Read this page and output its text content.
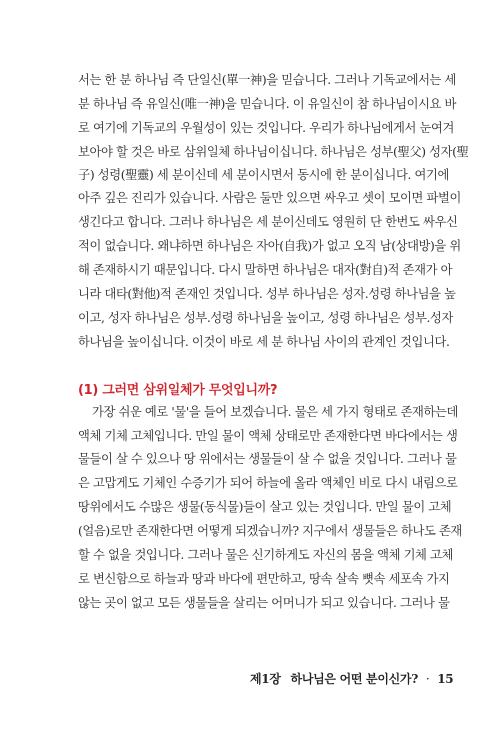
서는 한 분 하나님 즉 단일신(單一神)을 믿습니다. 그러나 기독교에서는 세
분 하나님 즉 유일신(唯一神)을 믿습니다. 이 유일신이 참 하나님이시요 바
로 여기에 기독교의 우월성이 있는 것입니다. 우리가 하나님에게서 눈여겨
보아야 할 것은 바로 삼위일체 하나님이십니다. 하나님은 성부(聖父) 성자(聖
子) 성령(聖靈) 세 분이신데 세 분이시면서 동시에 한 분이십니다. 여기에
아주 깊은 진리가 있습니다. 사람은 둘만 있으면 싸우고 셋이 모이면 파벌이
생긴다고 합니다. 그러나 하나님은 세 분이신데도 영원히 단 한번도 싸우신
적이 없습니다. 왜냐하면 하나님은 자아(自我)가 없고 오직 남(상대방)을 위
해 존재하시기 때문입니다. 다시 말하면 하나님은 대자(對自)적 존재가 아
니라 대타(對他)적 존재인 것입니다. 성부 하나님은 성자.성령 하나님을 높
이고, 성자 하나님은 성부.성령 하나님을 높이고, 성령 하나님은 성부.성자
하나님을 높이십니다. 이것이 바로 세 분 하나님 사이의 관계인 것입니다.
(1) 그러면 삼위일체가 무엇입니까?
가장 쉬운 예로 '물'을 들어 보겠습니다. 물은 세 가지 형태로 존재하는데
액체 기체 고체입니다. 만일 물이 액체 상태로만 존재한다면 바다에서는 생
물들이 살 수 있으나 땅 위에서는 생물들이 살 수 없을 것입니다. 그러나 물
은 고맙게도 기체인 수증기가 되어 하늘에 올라 액체인 비로 다시 내림으로
땅위에서도 수많은 생물(동식물)들이 살고 있는 것입니다. 만일 물이 고체
(얼음)로만 존재한다면 어떻게 되겠습니까? 지구에서 생물들은 하나도 존재
할 수 없을 것입니다. 그러나 물은 신기하게도 자신의 몸을 액체 기체 고체
로 변신함으로 하늘과 땅과 바다에 편만하고, 땅속 살속 뼛속 세포속 가지
않는 곳이 없고 모든 생물들을 살리는 어머니가 되고 있습니다. 그러나 물
제1장 하나님은 어떤 분이신가? · 15
